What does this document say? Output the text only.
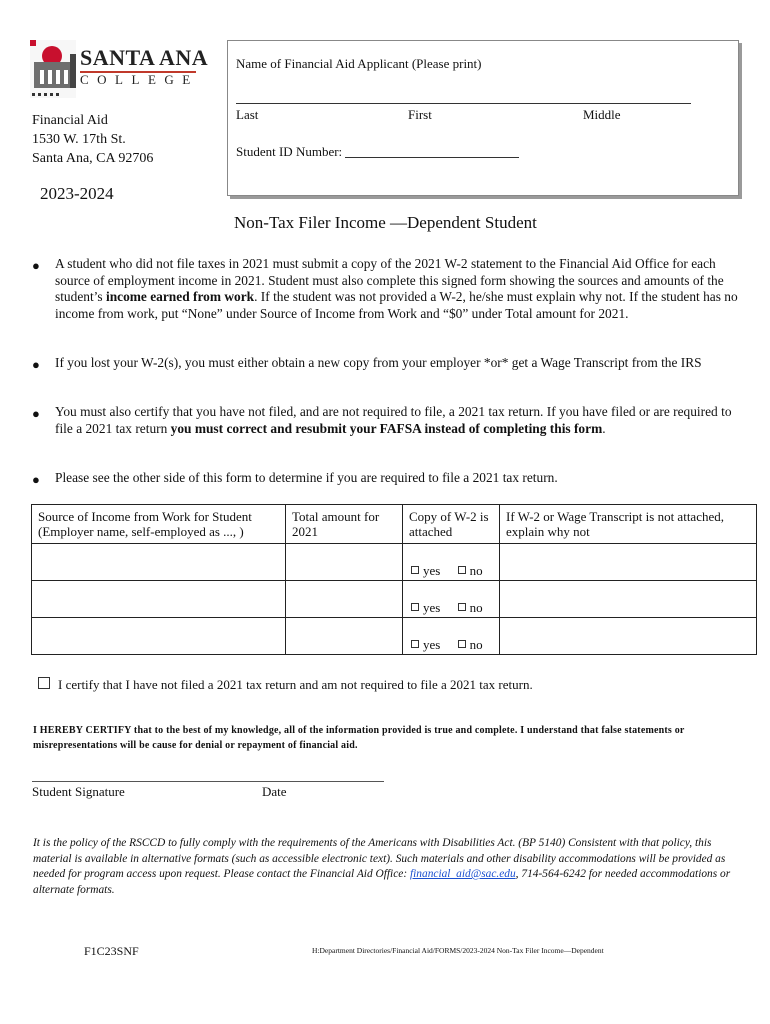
SANTA ANA
COLLEGE
Financial Aid
1530 W. 17th St.
Santa Ana, CA 92706
2023-2024
Name of Financial Aid Applicant (Please print)
Last	First	Middle
Student ID Number:
Non-Tax Filer Income —Dependent Student
● A student who did not file taxes in 2021 must submit a copy of the 2021 W-2 statement to the Financial Aid Office for each source of employment income in 2021. Student must also complete this signed form showing the sources and amounts of the student’s income earned from work. If the student was not provided a W-2, he/she must explain why not. If the student has no income from work, put “None” under Source of Income from Work and “$0” under Total amount for 2021.
● If you lost your W-2(s), you must either obtain a new copy from your employer *or* get a Wage Transcript from the IRS
● You must also certify that you have not filed, and are not required to file, a 2021 tax return. If you have filed or are required to file a 2021 tax return you must correct and resubmit your FAFSA instead of completing this form.
● Please see the other side of this form to determine if you are required to file a 2021 tax return.
Source of Income from Work for Student (Employer name, self-employed as ..., )	Total amount for 2021	Copy of W-2 is attached	If W-2 or Wage Transcript is not attached, explain why not
		yes no	
		yes no	
		yes no	
I certify that I have not filed a 2021 tax return and am not required to file a 2021 tax return.
I HEREBY CERTIFY that to the best of my knowledge, all of the information provided is true and complete. I understand that false statements or misrepresentations will be cause for denial or repayment of financial aid.
Student Signature	Date
It is the policy of the RSCCD to fully comply with the requirements of the Americans with Disabilities Act. (BP 5140) Consistent with that policy, this material is available in alternative formats (such as accessible electronic text). Such materials and other disability accommodations will be provided as needed for program access upon request. Please contact the Financial Aid Office: financial_aid@sac.edu, 714-564-6242 for needed accommodations or alternate formats.
F1C23SNF	H:Department Directories/Financial Aid/FORMS/2023-2024 Non-Tax Filer Income—Dependent
